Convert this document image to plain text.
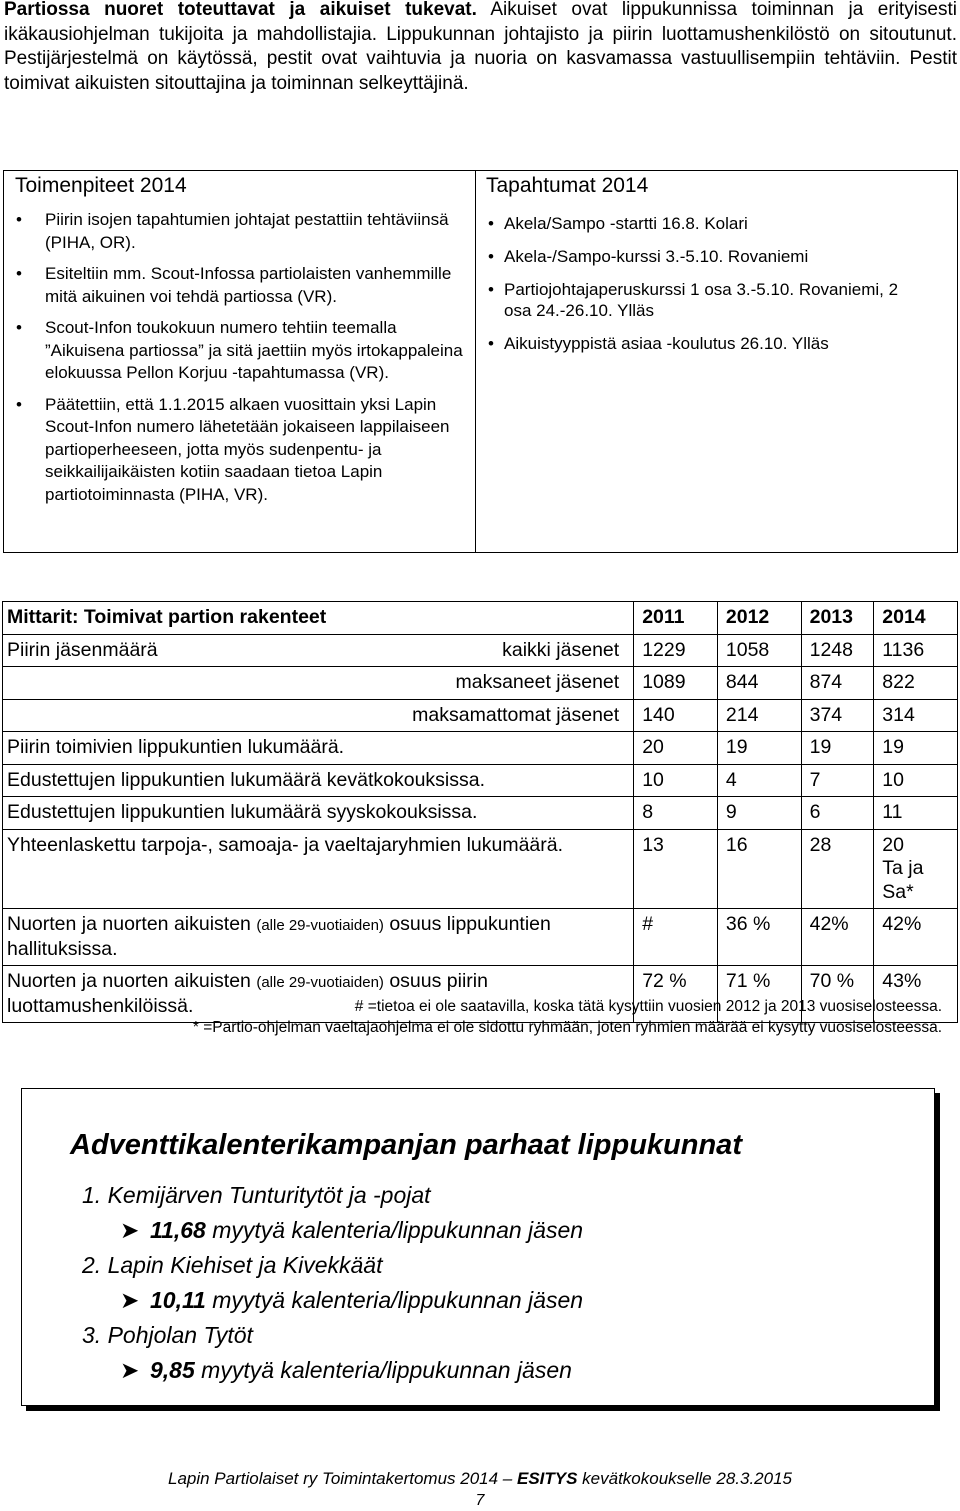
Partiossa nuoret toteuttavat ja aikuiset tukevat. Aikuiset ovat lippukunnissa toiminnan ja erityisesti ikäkausiohjelman tukijoita ja mahdollistajia. Lippukunnan johtajisto ja piirin luottamushenkilöstö on sitoutunut. Pestijärjestelmä on käytössä, pestit ovat vaihtuvia ja nuoria on kasvamassa vastuullisempiin tehtäviin. Pestit toimivat aikuisten sitouttajina ja toiminnan selkeyttäjinä.

Toimenpiteet 2014
• Piirin isojen tapahtumien johtajat pestattiin tehtäviinsä (PIHA, OR).
• Esiteltiin mm. Scout-Infossa partiolaisten vanhemmille mitä aikuinen voi tehdä partiossa (VR).
• Scout-Infon toukokuun numero tehtiin teemalla ”Aikuisena partiossa” ja sitä jaettiin myös irtokappaleina elokuussa Pellon Korjuu -tapahtumassa (VR).
• Päätettiin, että 1.1.2015 alkaen vuosittain yksi Lapin Scout-Infon numero lähetetään jokaiseen lappilaiseen partioperheeseen, jotta myös sudenpentu- ja seikkailijaikäisten kotiin saadaan tietoa Lapin partiotoiminnasta (PIHA, VR).
Tapahtumat 2014
• Akela/Sampo -startti 16.8. Kolari
• Akela-/Sampo-kurssi 3.-5.10. Rovaniemi
• Partiojohtajaperuskurssi 1 osa 3.-5.10. Rovaniemi, 2 osa 24.-26.10. Ylläs
• Aikuistyyppistä asiaa -koulutus 26.10. Ylläs
Mittarit: Toimivat partion rakenteet	2011	2012	2013	2014
Piirin jäsenmäärä kaikki jäsenet	1229	1058	1248	1136
maksaneet jäsenet	1089	844	874	822
maksamattomat jäsenet	140	214	374	314
Piirin toimivien lippukuntien lukumäärä.	20	19	19	19
Edustettujen lippukuntien lukumäärä kevätkokouksissa.	10	4	7	10
Edustettujen lippukuntien lukumäärä syyskokouksissa.	8	9	6	11
Yhteenlaskettu tarpoja-, samoaja- ja vaeltajaryhmien lukumäärä.	13	16	28	20
Ta ja Sa*
Nuorten ja nuorten aikuisten (alle 29-vuotiaiden) osuus lippukuntien hallituksissa.	#	36 %	42%	42%
Nuorten ja nuorten aikuisten (alle 29-vuotiaiden) osuus piirin luottamushenkilöissä.	72 %	71 %	70 %	43%
# =tietoa ei ole saatavilla, koska tätä kysyttiin vuosien 2012 ja 2013 vuosiselosteessa.
* =Partio-ohjelman vaeltajaohjelma ei ole sidottu ryhmään, joten ryhmien määrää ei kysytty vuosiselosteessa.
Adventtikalenterikampanjan parhaat lippukunnat
1. Kemijärven Tunturitytöt ja -pojat
➤ 11,68 myytyä kalenteria/lippukunnan jäsen
2. Lapin Kiehiset ja Kivekkäät
➤ 10,11 myytyä kalenteria/lippukunnan jäsen
3. Pohjolan Tytöt
➤ 9,85 myytyä kalenteria/lippukunnan jäsen
Lapin Partiolaiset ry Toimintakertomus 2014 – ESITYS kevätkokoukselle 28.3.2015
7
